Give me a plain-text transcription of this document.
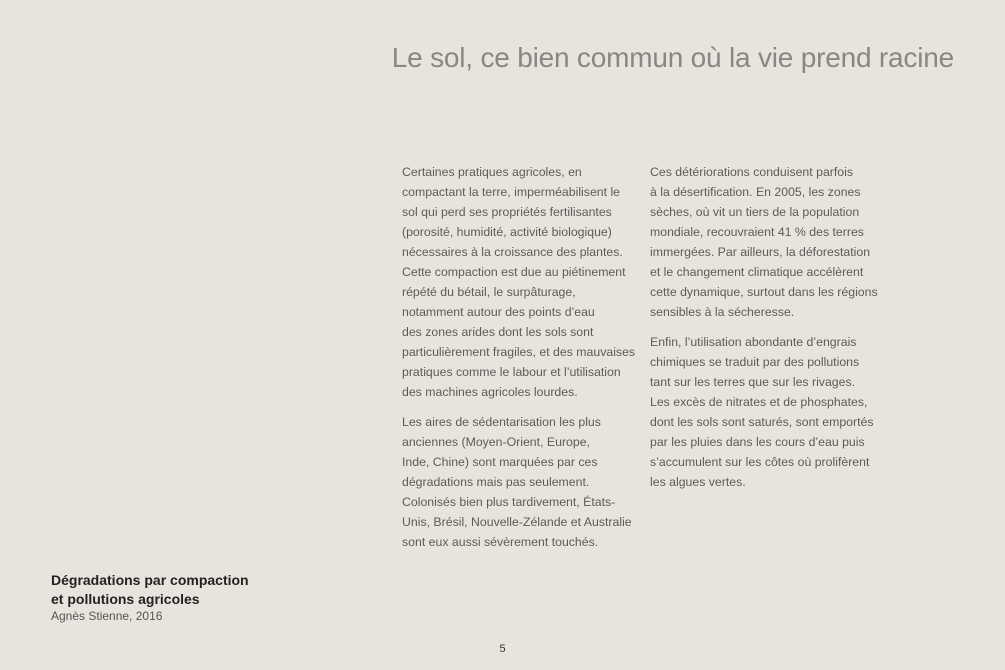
Le sol, ce bien commun où la vie prend racine

Certaines pratiques agricoles, en
compactant la terre, imperméabilisent le
sol qui perd ses propriétés fertilisantes
(porosité, humidité, activité biologique)
nécessaires à la croissance des plantes.
Cette compaction est due au piétinement
répété du bétail, le surpâturage,
notamment autour des points d’eau
des zones arides dont les sols sont
particulièrement fragiles, et des mauvaises
pratiques comme le labour et l’utilisation
des machines agricoles lourdes.

Les aires de sédentarisation les plus
anciennes (Moyen-Orient, Europe,
Inde, Chine) sont marquées par ces
dégradations mais pas seulement.
Colonisés bien plus tardivement, États-
Unis, Brésil, Nouvelle-Zélande et Australie
sont eux aussi sévèrement touchés.

Ces détériorations conduisent parfois
à la désertification. En 2005, les zones
sèches, où vit un tiers de la population
mondiale, recouvraient 41 % des terres
immergées. Par ailleurs, la déforestation
et le changement climatique accélèrent
cette dynamique, surtout dans les régions
sensibles à la sécheresse.

Enfin, l’utilisation abondante d’engrais
chimiques se traduit par des pollutions
tant sur les terres que sur les rivages.
Les excès de nitrates et de phosphates,
dont les sols sont saturés, sont emportés
par les pluies dans les cours d’eau puis
s’accumulent sur les côtes où prolifèrent
les algues vertes.

Dégradations par compaction
et pollutions agricoles

Agnès Stienne, 2016

5
